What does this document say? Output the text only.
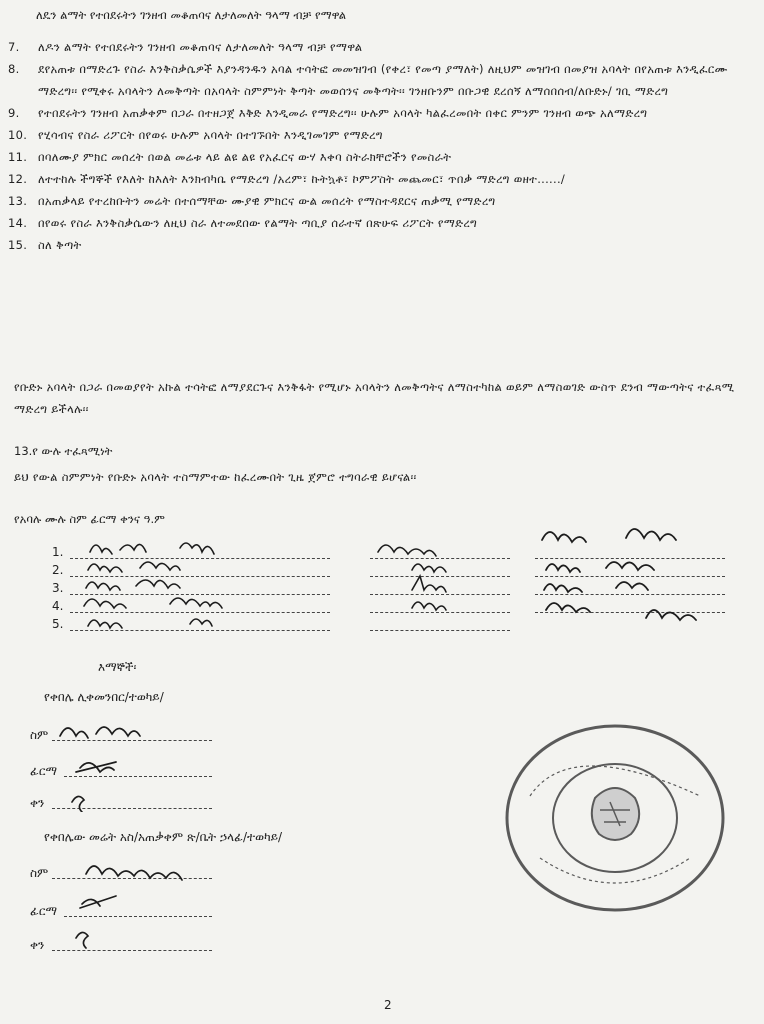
ለዴን ልማት የተበደሩትን ገንዘብ መቆጠባና ለታለመለት ዓላማ ብቻ የማዋል
7.	ለዶን ልማት የተበደሩትን ገንዘብ መቆጠባና ለታለመለት ዓላማ ብቻ የማዋል
8.	ደየአጠቱ በማድረጉ የስራ እንቅስቃሴዎች እያንዳንዱን አባል ተሳትፎ መመዝገብ (የቀረ፣ የመጣ ያማለት) ለዚህም መዝገብ በመያዝ አባላት በየአጠቱ እንዲፈርሙ ማድረግ፡፡ የሚቀሩ አባላትን ለመቅጣት በአባላት ስምምነት ቅጣት መወሰንና መቅጣት፡፡ ገንዘቡንም በቡጋዊ ደረሰኝ ለማሰበሰብ/ለቡድኑ/ ገቢ ማድረግ
9.	የተበደሩትን ገንዘብ አጠቃቀም በጋራ በተዘጋጀ እቅድ እንዲመራ የማድረግ፡፡ ሁሉም አባላት ካልፈረመበት በቀር ምንም ገንዘብ ወጭ አለማድረግ
10. የሂሳብና የስራ ሪፖርት በየወሩ ሁሉም አባላት በተገኙበት እንዲገመገም የማድረግ
11. በባለሙያ ምክር መሰረት በወል መሬቱ ላይ ልዩ ልዩ የአፈርና ውሃ እቀባ ስትራክቸሮችን የመስራት
12. ለተተከሉ ችግኞች የእለት ከእለት እንክብካቤ የማድረግ /አረም፣ ኩትኳቶ፣ ኮምፖስት መጨመር፣ ጥበቃ ማድረግ ወዘተ....../
13. በአጠቃላይ የተረከቡትን መሬት በተሰማቸው ሙያዊ ምክርና ውል መሰረት የማስተዳደርና ጠቃሚ የማድረግ
14. በየወሩ የስራ እንቅስቃሴውን ለዚህ ስራ ለተመደበው የልማት ጣቢያ ሰራተኛ በጽሁፍ ሪፖርት የማድረግ
15. ስለ ቅጣት
የቡድኑ አባላት በጋራ በመወያየት አኩል ተሳትፎ ለማያደርጉና እንቅፋት የሚሆኑ አባላትን ለመቅጣትና ለማስተካከል ወይም ለማስወገድ ውስጥ ደንብ ማውጣትና ተፈጻሚ ማድረግ ይችላሉ፡፡
13.የ ውሉ ተፈጻሚነት
ይህ የውል ስምምነት የቡድኑ አባላት ተስማምተው ከፈረሙበት ጊዜ ጀምሮ ተግባራዊ ይሆናል፡፡
የአባሉ ሙሉ ስም ፊርማ ቀንና ዓ.ም
1.
2.
3.
4.
5.
እማኞች፡
የቀበሌ ሊቀመንበር/ተወካይ/
ስም
ፊርማ
ቀን
የቀበሌው መሬት አስ/አጠቃቀም ጽ/ቤት ኃላፊ/ተወካይ/
ስም
ፊርማ
ቀን
2
